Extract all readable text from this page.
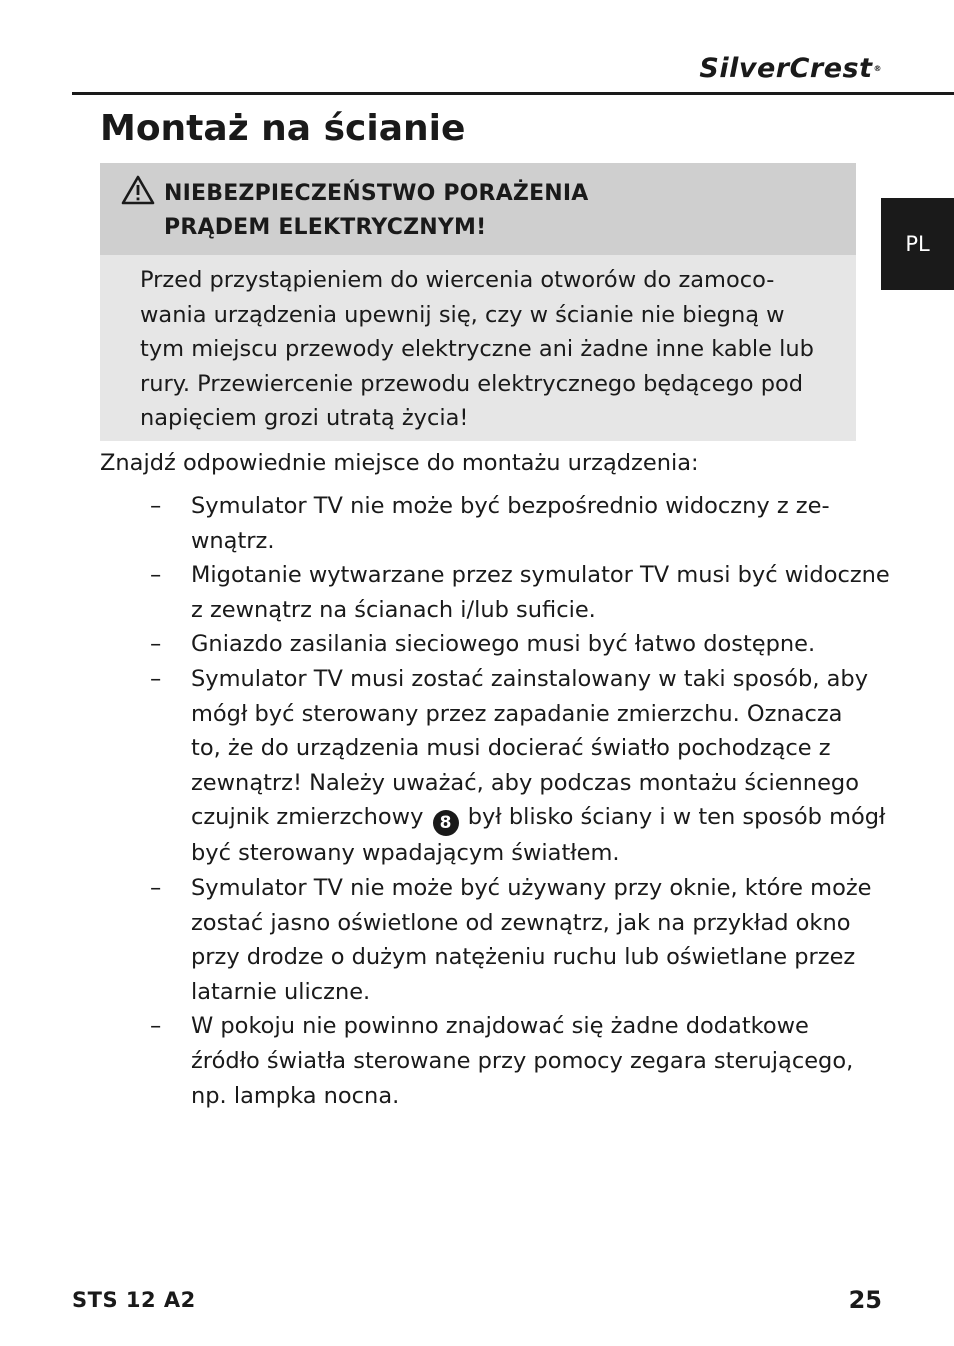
SilverCrest®
PL
Montaż na ścianie
NIEBEZPIECZEŃSTWO PORAŻENIA
PRĄDEM ELEKTRYCZNYM!
Przed przystąpieniem do wiercenia otworów do zamoco-
wania urządzenia upewnij się, czy w ścianie nie biegną w
tym miejscu przewody elektryczne ani żadne inne kable lub
rury. Przewiercenie przewodu elektrycznego będącego pod
napięciem grozi utratą życia!

Znajdź odpowiednie miejsce do montażu urządzenia:

– Symulator TV nie może być bezpośrednio widoczny z ze-
wnątrz.
– Migotanie wytwarzane przez symulator TV musi być widoczne
z zewnątrz na ścianach i/lub suficie.
– Gniazdo zasilania sieciowego musi być łatwo dostępne.
– Symulator TV musi zostać zainstalowany w taki sposób, aby
mógł być sterowany przez zapadanie zmierzchu. Oznacza
to, że do urządzenia musi docierać światło pochodzące z
zewnątrz! Należy uważać, aby podczas montażu ściennego
czujnik zmierzchowy 8 był blisko ściany i w ten sposób mógł
być sterowany wpadającym światłem.
– Symulator TV nie może być używany przy oknie, które może
zostać jasno oświetlone od zewnątrz, jak na przykład okno
przy drodze o dużym natężeniu ruchu lub oświetlane przez
latarnie uliczne.
– W pokoju nie powinno znajdować się żadne dodatkowe
źródło światła sterowane przy pomocy zegara sterującego,
np. lampka nocna.
STS 12 A2	25
